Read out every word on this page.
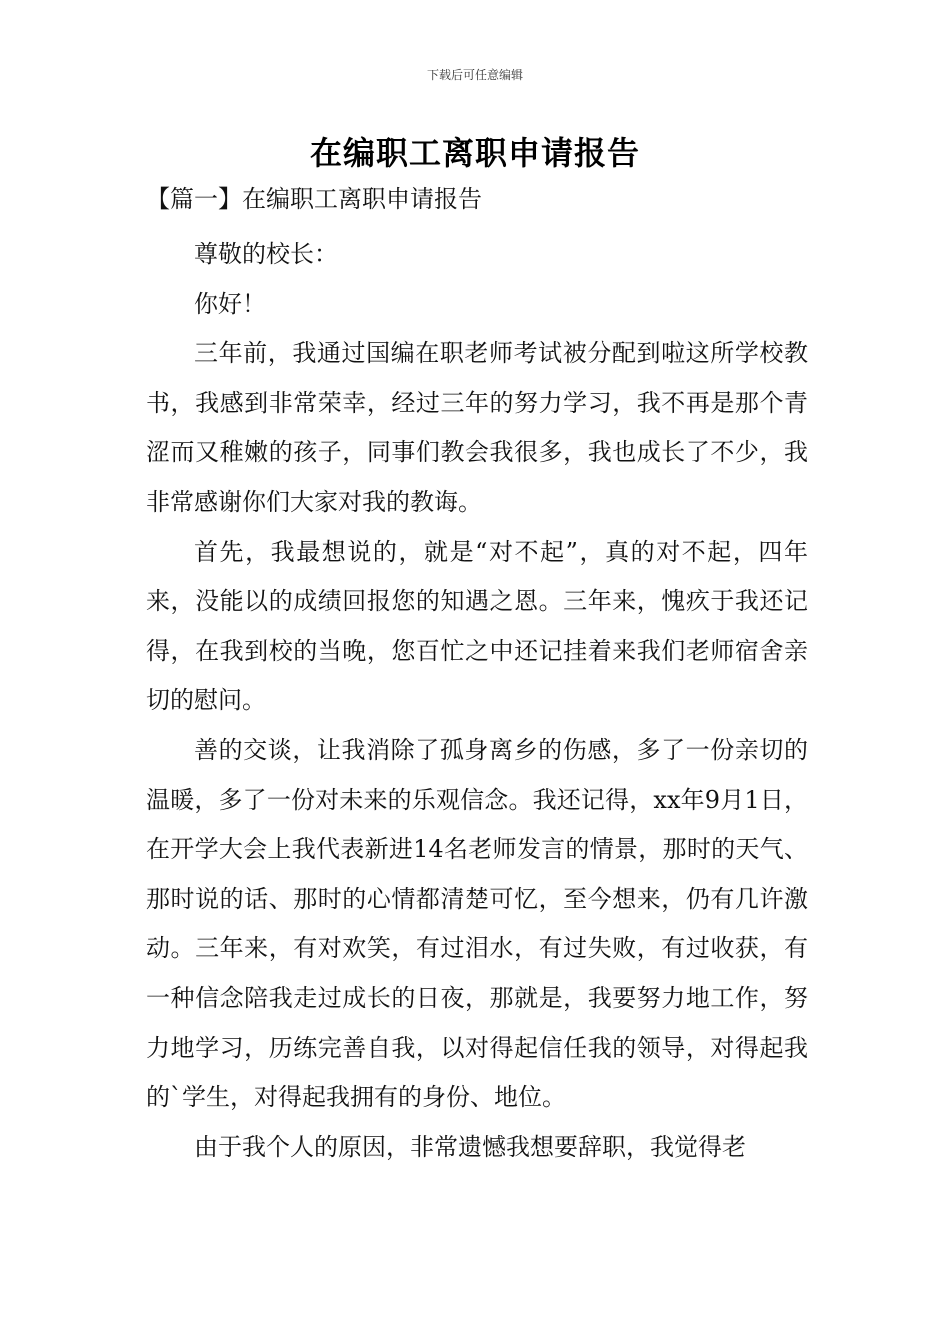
下载后可任意编辑
在编职工离职申请报告
【篇一】在编职工离职申请报告

尊敬的校长：

你好！

三年前，我通过国编在职老师考试被分配到啦这所学校教书，我感到非常荣幸，经过三年的努力学习，我不再是那个青涩而又稚嫩的孩子，同事们教会我很多，我也成长了不少，我非常感谢你们大家对我的教诲。

首先，我最想说的，就是“对不起”，真的对不起，四年来，没能以的成绩回报您的知遇之恩。三年来，愧疚于我还记得，在我到校的当晚，您百忙之中还记挂着来我们老师宿舍亲切的慰问。

善的交谈，让我消除了孤身离乡的伤感，多了一份亲切的温暖，多了一份对未来的乐观信念。我还记得，xx年9月1日，在开学大会上我代表新进14名老师发言的情景，那时的天气、那时说的话、那时的心情都清楚可忆，至今想来，仍有几许激动。三年来，有对欢笑，有过泪水，有过失败，有过收获，有一种信念陪我走过成长的日夜，那就是，我要努力地工作，努力地学习，历练完善自我，以对得起信任我的领导，对得起我的`学生，对得起我拥有的身份、地位。

由于我个人的原因，非常遗憾我想要辞职，我觉得老
